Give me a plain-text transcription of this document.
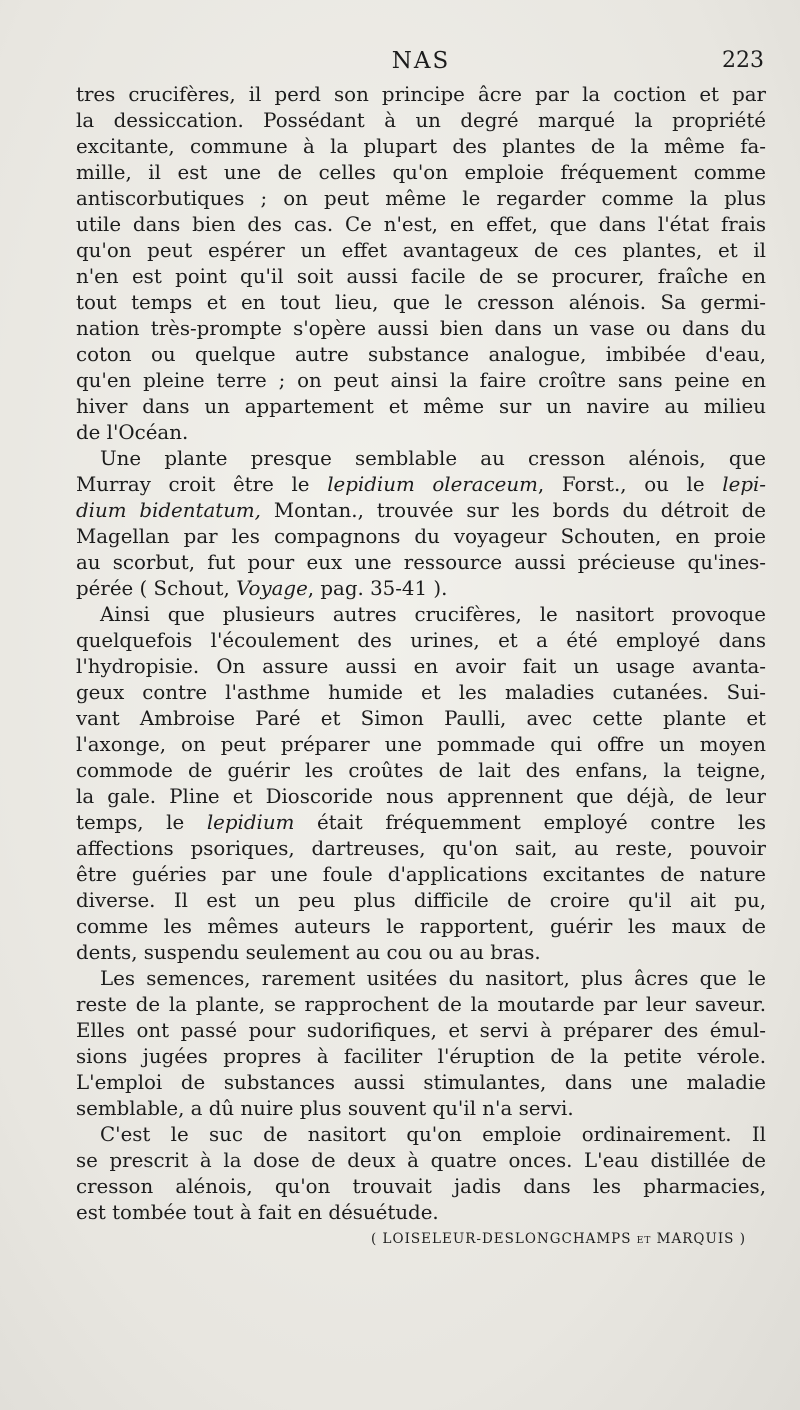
NAS	223
tres crucifères, il perd son principe âcre par la coction et par
la dessiccation. Possédant à un degré marqué la propriété
excitante, commune à la plupart des plantes de la même fa-
mille, il est une de celles qu'on emploie fréquement comme
antiscorbutiques ; on peut même le regarder comme la plus
utile dans bien des cas. Ce n'est, en effet, que dans l'état frais
qu'on peut espérer un effet avantageux de ces plantes, et il
n'en est point qu'il soit aussi facile de se procurer, fraîche en
tout temps et en tout lieu, que le cresson alénois. Sa germi-
nation très-prompte s'opère aussi bien dans un vase ou dans du
coton ou quelque autre substance analogue, imbibée d'eau,
qu'en pleine terre ; on peut ainsi la faire croître sans peine en
hiver dans un appartement et même sur un navire au milieu
de l'Océan.
Une plante presque semblable au cresson alénois, que
Murray croit être le lepidium oleraceum, Forst., ou le lepi-
dium bidentatum, Montan., trouvée sur les bords du détroit de
Magellan par les compagnons du voyageur Schouten, en proie
au scorbut, fut pour eux une ressource aussi précieuse qu'ines-
pérée ( Schout, Voyage, pag. 35-41 ).
Ainsi que plusieurs autres crucifères, le nasitort provoque
quelquefois l'écoulement des urines, et a été employé dans
l'hydropisie. On assure aussi en avoir fait un usage avanta-
geux contre l'asthme humide et les maladies cutanées. Sui-
vant Ambroise Paré et Simon Paulli, avec cette plante et
l'axonge, on peut préparer une pommade qui offre un moyen
commode de guérir les croûtes de lait des enfans, la teigne,
la gale. Pline et Dioscoride nous apprennent que déjà, de leur
temps, le lepidium était fréquemment employé contre les
affections psoriques, dartreuses, qu'on sait, au reste, pouvoir
être guéries par une foule d'applications excitantes de nature
diverse. Il est un peu plus difficile de croire qu'il ait pu,
comme les mêmes auteurs le rapportent, guérir les maux de
dents, suspendu seulement au cou ou au bras.
Les semences, rarement usitées du nasitort, plus âcres que le
reste de la plante, se rapprochent de la moutarde par leur saveur.
Elles ont passé pour sudorifiques, et servi à préparer des émul-
sions jugées propres à faciliter l'éruption de la petite vérole.
L'emploi de substances aussi stimulantes, dans une maladie
semblable, a dû nuire plus souvent qu'il n'a servi.
C'est le suc de nasitort qu'on emploie ordinairement. Il
se prescrit à la dose de deux à quatre onces. L'eau distillée de
cresson alénois, qu'on trouvait jadis dans les pharmacies,
est tombée tout à fait en désuétude.
( LOISELEUR-DESLONGCHAMPS et MARQUIS )
